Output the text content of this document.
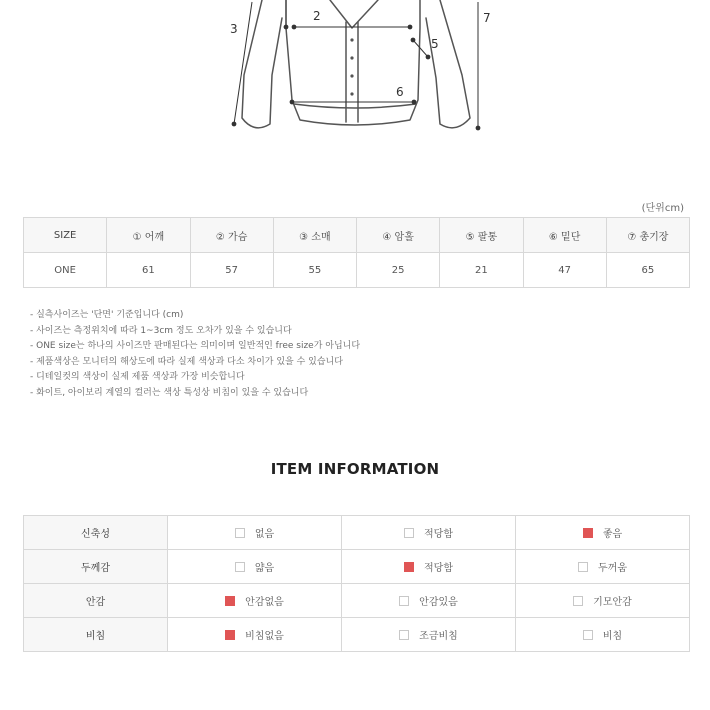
3
2	7
5
6
(단위cm)
SIZE	① 어깨	② 가슴	③ 소매	④ 암홀	⑤ 팔통	⑥ 밑단	⑦ 총기장
ONE	61	57	55	25	21	47	65
- 실측사이즈는 '단면' 기준입니다 (cm)
- 사이즈는 측정위치에 따라 1~3cm 정도 오차가 있을 수 있습니다
- ONE size는 하나의 사이즈만 판매된다는 의미이며 일반적인 free size가 아닙니다
- 제품색상은 모니터의 해상도에 따라 실제 색상과 다소 차이가 있을 수 있습니다
- 디테일컷의 색상이 실제 제품 색상과 가장 비슷합니다
- 화이트, 아이보리 계열의 컬러는 색상 특성상 비침이 있을 수 있습니다
ITEM INFORMATION
신축성	없음	적당함	좋음

두께감	얇음	적당함	두꺼움

안감	안감없음	안감있음	기모안감

비침	비침없음	조금비침	비침
